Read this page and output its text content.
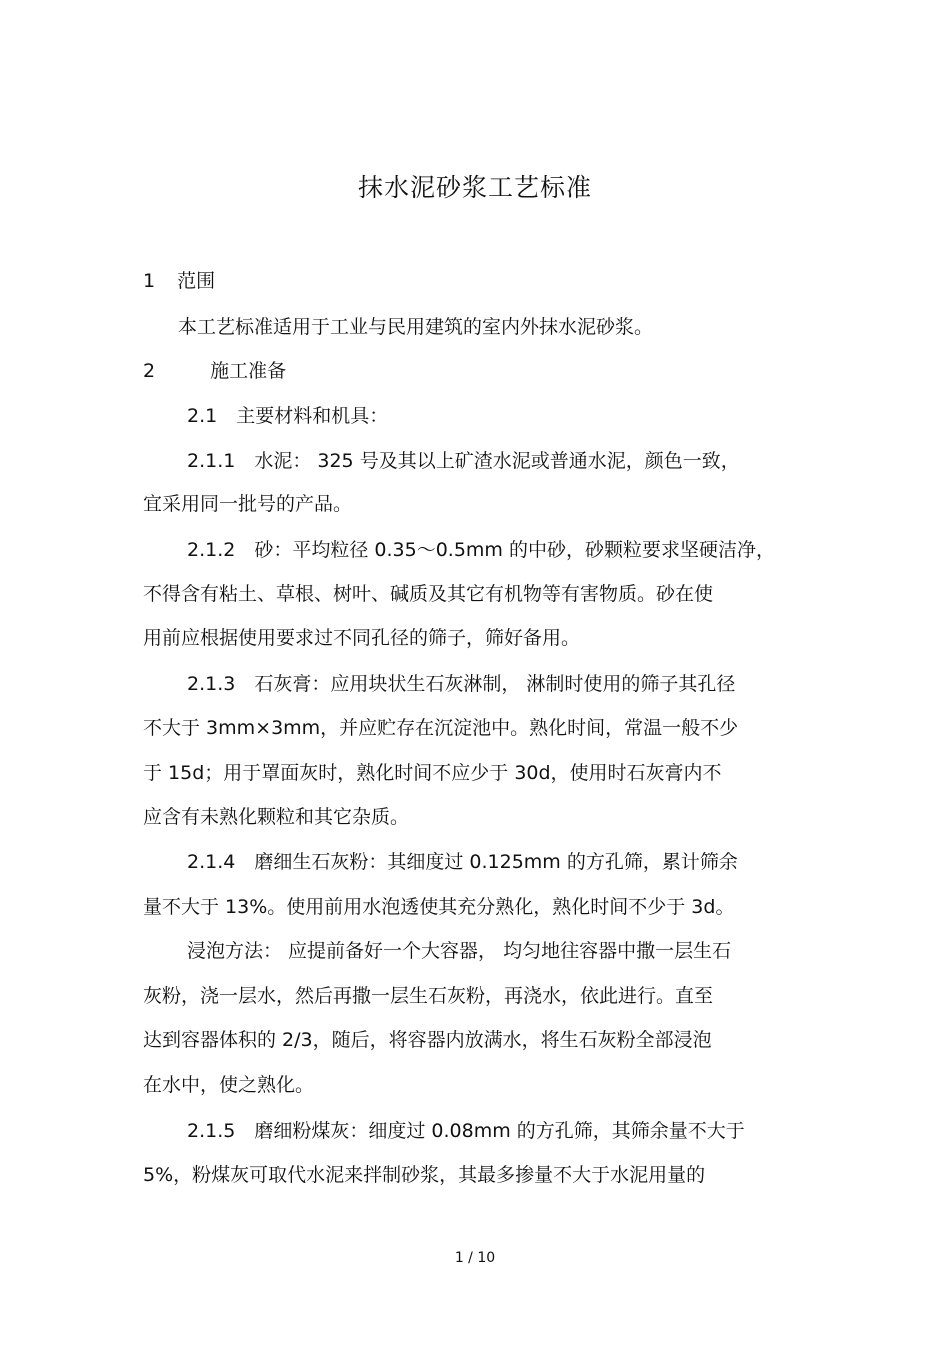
抹水泥砂浆工艺标准
1 范围
本工艺标准适用于工业与民用建筑的室内外抹水泥砂浆。
2	施工准备
2.1　主要材料和机具：
2.1.1　水泥： 325 号及其以上矿渣水泥或普通水泥，颜色一致，
宜采用同一批号的产品。
2.1.2　砂：平均粒径 0.35～0.5mm 的中砂，砂颗粒要求坚硬洁净，
不得含有粘土、草根、树叶、碱质及其它有机物等有害物质。砂在使
用前应根据使用要求过不同孔径的筛子，筛好备用。
2.1.3　石灰膏：应用块状生石灰淋制， 淋制时使用的筛子其孔径
不大于 3mm×3mm，并应贮存在沉淀池中。熟化时间，常温一般不少
于 15d；用于罩面灰时，熟化时间不应少于 30d，使用时石灰膏内不
应含有未熟化颗粒和其它杂质。
2.1.4　磨细生石灰粉：其细度过 0.125mm 的方孔筛，累计筛余
量不大于 13%。使用前用水泡透使其充分熟化，熟化时间不少于 3d。
浸泡方法： 应提前备好一个大容器， 均匀地往容器中撒一层生石
灰粉，浇一层水，然后再撒一层生石灰粉，再浇水，依此进行。直至
达到容器体积的 2/3，随后，将容器内放满水，将生石灰粉全部浸泡
在水中，使之熟化。
2.1.5　磨细粉煤灰：细度过 0.08mm 的方孔筛，其筛余量不大于
5%，粉煤灰可取代水泥来拌制砂浆，其最多掺量不大于水泥用量的
1 / 10
